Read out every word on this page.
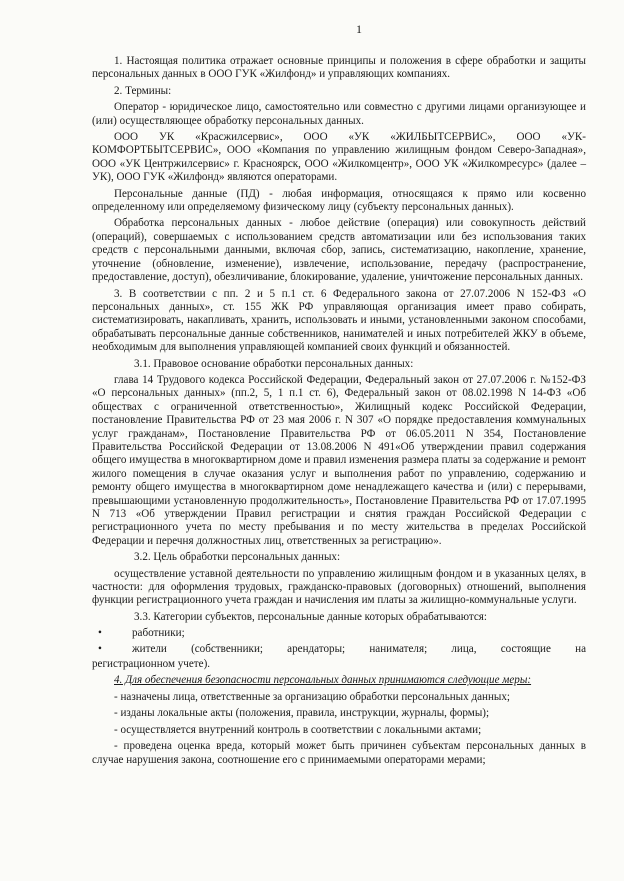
1

1. Настоящая политика отражает основные принципы и положения в сфере обработки и защиты персональных данных в ООО ГУК «Жилфонд» и управляющих компаниях.

2. Термины:

Оператор - юридическое лицо, самостоятельно или совместно с другими лицами организующее и (или) осуществляющее обработку персональных данных.

ООО УК «Красжилсервис», ООО «УК «ЖИЛБЫТСЕРВИС», ООО «УК-КОМФОРТБЫТСЕРВИС», ООО «Компания по управлению жилищным фондом Северо-Западная», ООО «УК Центржилсервис» г. Красноярск, ООО «Жилкомцентр», ООО УК «Жилкомресурс» (далее – УК), ООО ГУК «Жилфонд» являются операторами.

Персональные данные (ПД) - любая информация, относящаяся к прямо или косвенно определенному или определяемому физическому лицу (субъекту персональных данных).

Обработка персональных данных - любое действие (операция) или совокупность действий (операций), совершаемых с использованием средств автоматизации или без использования таких средств с персональными данными, включая сбор, запись, систематизацию, накопление, хранение, уточнение (обновление, изменение), извлечение, использование, передачу (распространение, предоставление, доступ), обезличивание, блокирование, удаление, уничтожение персональных данных.

3. В соответствии с пп. 2 и 5 п.1 ст. 6 Федерального закона от 27.07.2006 N 152-ФЗ «О персональных данных», ст. 155 ЖК РФ управляющая организация имеет право собирать, систематизировать, накапливать, хранить, использовать и иными, установленными законом способами, обрабатывать персональные данные собственников, нанимателей и иных потребителей ЖКУ в объеме, необходимым для выполнения управляющей компанией своих функций и обязанностей.

3.1. Правовое основание обработки персональных данных:

глава 14 Трудового кодекса Российской Федерации, Федеральный закон от 27.07.2006 г. №152-ФЗ «О персональных данных» (пп.2, 5, 1 п.1 ст. 6), Федеральный закон от 08.02.1998 N 14-ФЗ «Об обществах с ограниченной ответственностью», Жилищный кодекс Российской Федерации, постановление Правительства РФ от 23 мая 2006 г. N 307 «О порядке предоставления коммунальных услуг гражданам», Постановление Правительства РФ от 06.05.2011 N 354, Постановление Правительства Российской Федерации от 13.08.2006 N 491«Об утверждении правил содержания общего имущества в многоквартирном доме и правил изменения размера платы за содержание и ремонт жилого помещения в случае оказания услуг и выполнения работ по управлению, содержанию и ремонту общего имущества в многоквартирном доме ненадлежащего качества и (или) с перерывами, превышающими установленную продолжительность», Постановление Правительства РФ от 17.07.1995 N 713 «Об утверждении Правил регистрации и снятия граждан Российской Федерации с регистрационного учета по месту пребывания и по месту жительства в пределах Российской Федерации и перечня должностных лиц, ответственных за регистрацию».

3.2. Цель обработки персональных данных:

осуществление уставной деятельности по управлению жилищным фондом и в указанных целях, в частности: для оформления трудовых, гражданско-правовых (договорных) отношений, выполнения функции регистрационного учета граждан и начисления им платы за жилищно-коммунальные услуги.

3.3. Категории субъектов, персональные данные которых обрабатываются:

•	работники;
•	жители (собственники; арендаторы; нанимателя; лица, состоящие на
регистрационном учете).

4. Для обеспечения безопасности персональных данных принимаются следующие меры:

- назначены лица, ответственные за организацию обработки персональных данных;

- изданы локальные акты (положения, правила, инструкции, журналы, формы);

- осуществляется внутренний контроль в соответствии с локальными актами;

- проведена оценка вреда, который может быть причинен субъектам персональных данных в случае нарушения закона, соотношение его с принимаемыми операторами мерами;
